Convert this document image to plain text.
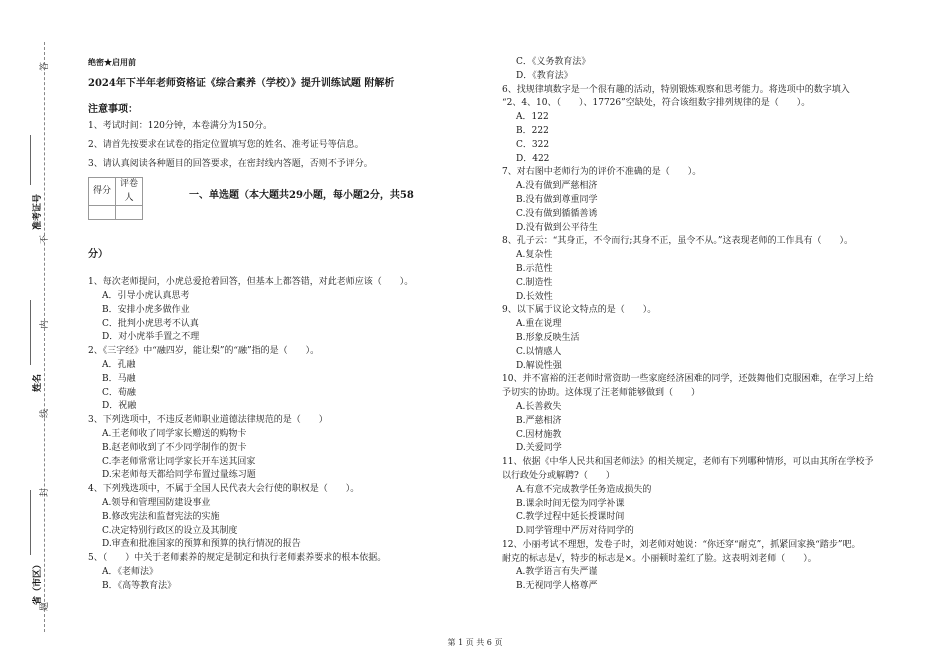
答
不
内
线
封
题
准考证号
姓名
省（市区）
绝密★启用前
2024年下半年老师资格证《综合素养（学校）》提升训练试题 附解析
注意事项：
1、考试时间：120分钟，本卷满分为150分。
2、请首先按要求在试卷的指定位置填写您的姓名、准考证号等信息。
3、请认真阅读各种题目的回答要求，在密封线内答题，否则不予评分。
得分	评卷人
		一、单选题（本大题共29小题，每小题2分，共58
分）
1、每次老师提问，小虎总爱抢着回答，但基本上都答错，对此老师应该（　　）。
A．引导小虎认真思考
B．安排小虎多做作业
C．批判小虎思考不认真
D．对小虎举手置之不理
2、《三字经》中“融四岁，能让梨”的“融”指的是（　　）。
A．孔融
B．马融
C．荀融
D．祝融
3、下列选项中，不违反老师职业道德法律规范的是（　　）
A.王老师收了同学家长赠送的购物卡
B.赵老师收到了不少同学制作的贺卡
C.李老师常常让同学家长开车送其回家
D.宋老师每天都给同学布置过量练习题
4、下列残选项中，不属于全国人民代表大会行使的职权是（　　）。
A.领导和管理国防建设事业
B.修改宪法和监督宪法的实施
C.决定特别行政区的设立及其制度
D.审查和批准国家的预算和预算的执行情况的报告
5、（　　）中关于老师素养的规定是制定和执行老师素养要求的根本依据。
A．《老师法》
B．《高等教育法》
C．《义务教育法》
D．《教育法》
6、找规律填数字是一个很有趣的活动，特别锻炼观察和思考能力。将选项中的数字填入
“2、4、10、（　　）、17726”空缺处，符合该组数字排列规律的是（　　）。
A．122
B．222
C．322
D．422
7、对右图中老师行为的评价不准确的是（　　）。
A.没有做到严慈相济
B.没有做到尊重同学
C.没有做到循循善诱
D.没有做到公平待生
8、孔子云：“其身正，不令而行;其身不正，虽令不从。”这表现老师的工作具有（　　）。
A.复杂性
B.示范性
C.制造性
D.长效性
9、以下属于议论文特点的是（　　）。
A.重在说理
B.形象反映生活
C.以情感人
D.解说性强
10、并不富裕的汪老师时常资助一些家庭经济困难的同学，还鼓舞他们克服困难，在学习上给
予切实的协助。这体现了汪老师能够做到（　　）
A.长善救失
B.严慈相济
C.因材施教
D.关爱同学
11、依据《中华人民共和国老师法》的相关规定，老师有下列哪种情形，可以由其所在学校予
以行政处分或解聘?（　　）
A.有意不完成教学任务造成损失的
B.课余时间无偿为同学补课
C.教学过程中延长授课时间
D.同学管理中严厉对待同学的
12、小丽考试不理想，发卷子时，刘老师对她说：“你还穿“耐克”，抓紧回家换“踏步”吧。
耐克的标志是√，特步的标志是×。小丽顿时羞红了脸。这表明刘老师（　　）。
A.教学语言有失严谨
B.无视同学人格尊严
第 1 页 共 6 页
